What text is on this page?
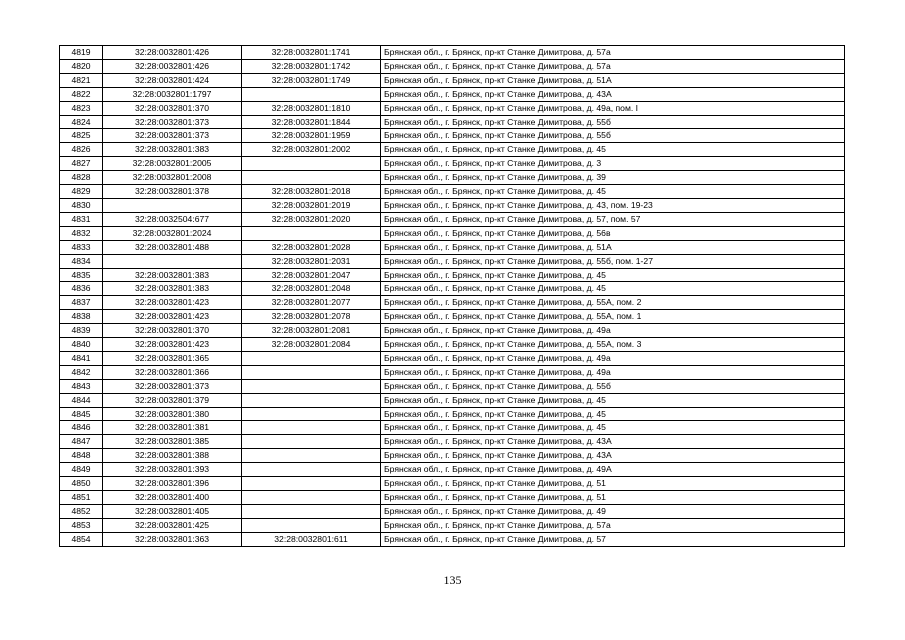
4819	32:28:0032801:426	32:28:0032801:1741	Брянская обл., г. Брянск, пр-кт Станке Димитрова, д. 57а
4820	32:28:0032801:426	32:28:0032801:1742	Брянская обл., г. Брянск, пр-кт Станке Димитрова, д. 57а
4821	32:28:0032801:424	32:28:0032801:1749	Брянская обл., г. Брянск, пр-кт Станке Димитрова, д. 51А
4822	32:28:0032801:1797		Брянская обл., г. Брянск, пр-кт Станке Димитрова, д. 43А
4823	32:28:0032801:370	32:28:0032801:1810	Брянская обл., г. Брянск, пр-кт Станке Димитрова, д. 49а, пом. I
4824	32:28:0032801:373	32:28:0032801:1844	Брянская обл., г. Брянск, пр-кт Станке Димитрова, д. 55б
4825	32:28:0032801:373	32:28:0032801:1959	Брянская обл., г. Брянск, пр-кт Станке Димитрова, д. 55б
4826	32:28:0032801:383	32:28:0032801:2002	Брянская обл., г. Брянск, пр-кт Станке Димитрова, д. 45
4827	32:28:0032801:2005		Брянская обл., г. Брянск, пр-кт Станке Димитрова, д. 3
4828	32:28:0032801:2008		Брянская обл., г. Брянск, пр-кт Станке Димитрова, д. 39
4829	32:28:0032801:378	32:28:0032801:2018	Брянская обл., г. Брянск, пр-кт Станке Димитрова, д. 45
4830		32:28:0032801:2019	Брянская обл., г. Брянск, пр-кт Станке Димитрова, д. 43, пом. 19-23
4831	32:28:0032504:677	32:28:0032801:2020	Брянская обл., г. Брянск, пр-кт Станке Димитрова, д. 57, пом. 57
4832	32:28:0032801:2024		Брянская обл., г. Брянск, пр-кт Станке Димитрова, д. 56в
4833	32:28:0032801:488	32:28:0032801:2028	Брянская обл., г. Брянск, пр-кт Станке Димитрова, д. 51А
4834		32:28:0032801:2031	Брянская обл., г. Брянск, пр-кт Станке Димитрова, д. 55б, пом. 1-27
4835	32:28:0032801:383	32:28:0032801:2047	Брянская обл., г. Брянск, пр-кт Станке Димитрова, д. 45
4836	32:28:0032801:383	32:28:0032801:2048	Брянская обл., г. Брянск, пр-кт Станке Димитрова, д. 45
4837	32:28:0032801:423	32:28:0032801:2077	Брянская обл., г. Брянск, пр-кт Станке Димитрова, д. 55А, пом. 2
4838	32:28:0032801:423	32:28:0032801:2078	Брянская обл., г. Брянск, пр-кт Станке Димитрова, д. 55А, пом. 1
4839	32:28:0032801:370	32:28:0032801:2081	Брянская обл., г. Брянск, пр-кт Станке Димитрова, д. 49а
4840	32:28:0032801:423	32:28:0032801:2084	Брянская обл., г. Брянск, пр-кт Станке Димитрова, д. 55А, пом. 3
4841	32:28:0032801:365		Брянская обл., г. Брянск, пр-кт Станке Димитрова, д. 49а
4842	32:28:0032801:366		Брянская обл., г. Брянск, пр-кт Станке Димитрова, д. 49а
4843	32:28:0032801:373		Брянская обл., г. Брянск, пр-кт Станке Димитрова, д. 55б
4844	32:28:0032801:379		Брянская обл., г. Брянск, пр-кт Станке Димитрова, д. 45
4845	32:28:0032801:380		Брянская обл., г. Брянск, пр-кт Станке Димитрова, д. 45
4846	32:28:0032801:381		Брянская обл., г. Брянск, пр-кт Станке Димитрова, д. 45
4847	32:28:0032801:385		Брянская обл., г. Брянск, пр-кт Станке Димитрова, д. 43А
4848	32:28:0032801:388		Брянская обл., г. Брянск, пр-кт Станке Димитрова, д. 43А
4849	32:28:0032801:393		Брянская обл., г. Брянск, пр-кт Станке Димитрова, д. 49А
4850	32:28:0032801:396		Брянская обл., г. Брянск, пр-кт Станке Димитрова, д. 51
4851	32:28:0032801:400		Брянская обл., г. Брянск, пр-кт Станке Димитрова, д. 51
4852	32:28:0032801:405		Брянская обл., г. Брянск, пр-кт Станке Димитрова, д. 49
4853	32:28:0032801:425		Брянская обл., г. Брянск, пр-кт Станке Димитрова, д. 57а
4854	32:28:0032801:363	32:28:0032801:611	Брянская обл., г. Брянск, пр-кт Станке Димитрова, д. 57
135
